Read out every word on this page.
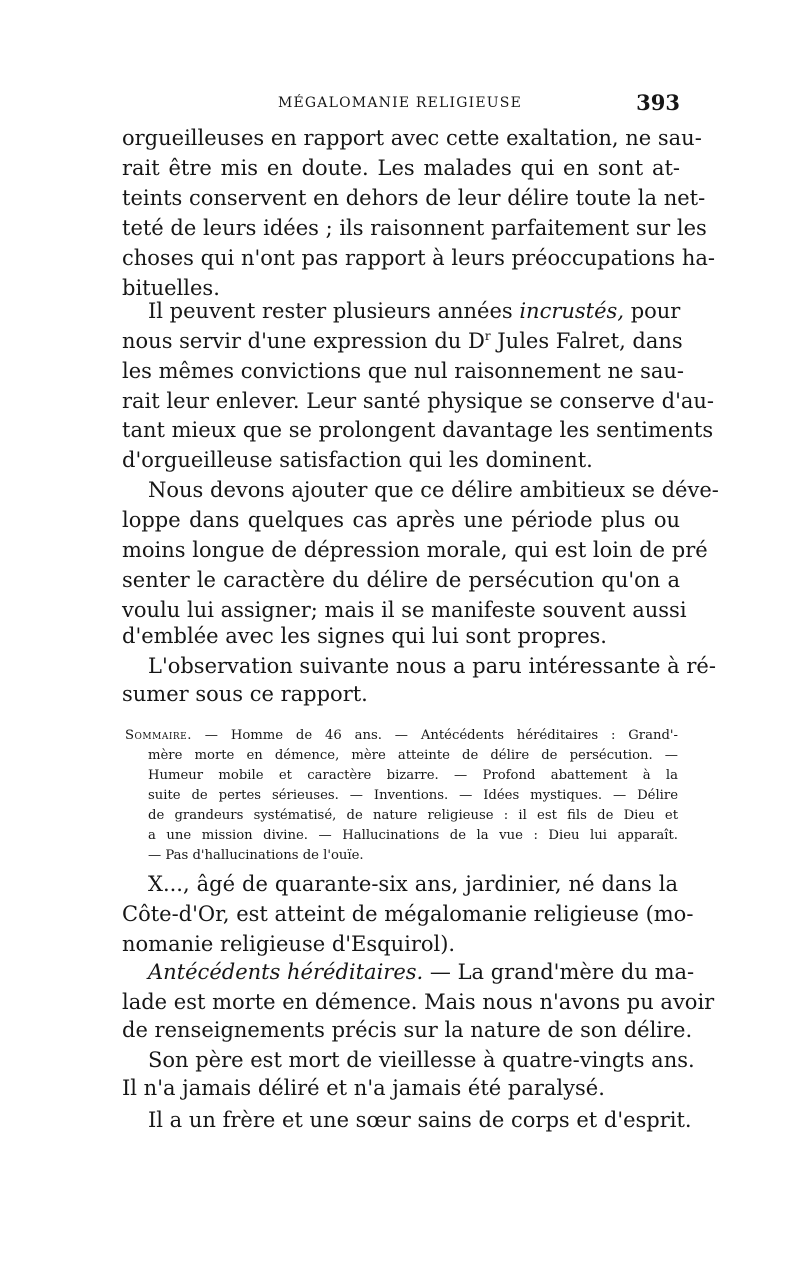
MÉGALOMANIE RELIGIEUSE	393
orgueilleuses en rapport avec cette exaltation, ne sau-
rait être mis en doute. Les malades qui en sont at-
teints conservent en dehors de leur délire toute la net-
teté de leurs idées ; ils raisonnent parfaitement sur les
choses qui n'ont pas rapport à leurs préoccupations ha-
bituelles.
Il peuvent rester plusieurs années incrustés, pour
nous servir d'une expression du $D^r$ Jules Falret, dans
les mêmes convictions que nul raisonnement ne sau-
rait leur enlever. Leur santé physique se conserve d'au-
tant mieux que se prolongent davantage les sentiments
d'orgueilleuse satisfaction qui les dominent.
Nous devons ajouter que ce délire ambitieux se déve-
loppe dans quelques cas après une période plus ou
moins longue de dépression morale, qui est loin de pré
senter le caractère du délire de persécution qu'on a
voulu lui assigner; mais il se manifeste souvent aussi
d'emblée avec les signes qui lui sont propres.
L'observation suivante nous a paru intéressante à ré-
sumer sous ce rapport.
Sommaire. — Homme de 46 ans. — Antécédents héréditaires : Grand'-
mère morte en démence, mère atteinte de délire de persécution. —
Humeur mobile et caractère bizarre. — Profond abattement à la
suite de pertes sérieuses. — Inventions. — Idées mystiques. — Délire
de grandeurs systématisé, de nature religieuse : il est fils de Dieu et
a une mission divine. — Hallucinations de la vue : Dieu lui apparaît.
— Pas d'hallucinations de l'ouïe.
X..., âgé de quarante-six ans, jardinier, né dans la
Côte-d'Or, est atteint de mégalomanie religieuse (mo-
nomanie religieuse d'Esquirol).
Antécédents héréditaires. — La grand'mère du ma-
lade est morte en démence. Mais nous n'avons pu avoir
de renseignements précis sur la nature de son délire.
Son père est mort de vieillesse à quatre-vingts ans.
Il n'a jamais déliré et n'a jamais été paralysé.
Il a un frère et une sœur sains de corps et d'esprit.
